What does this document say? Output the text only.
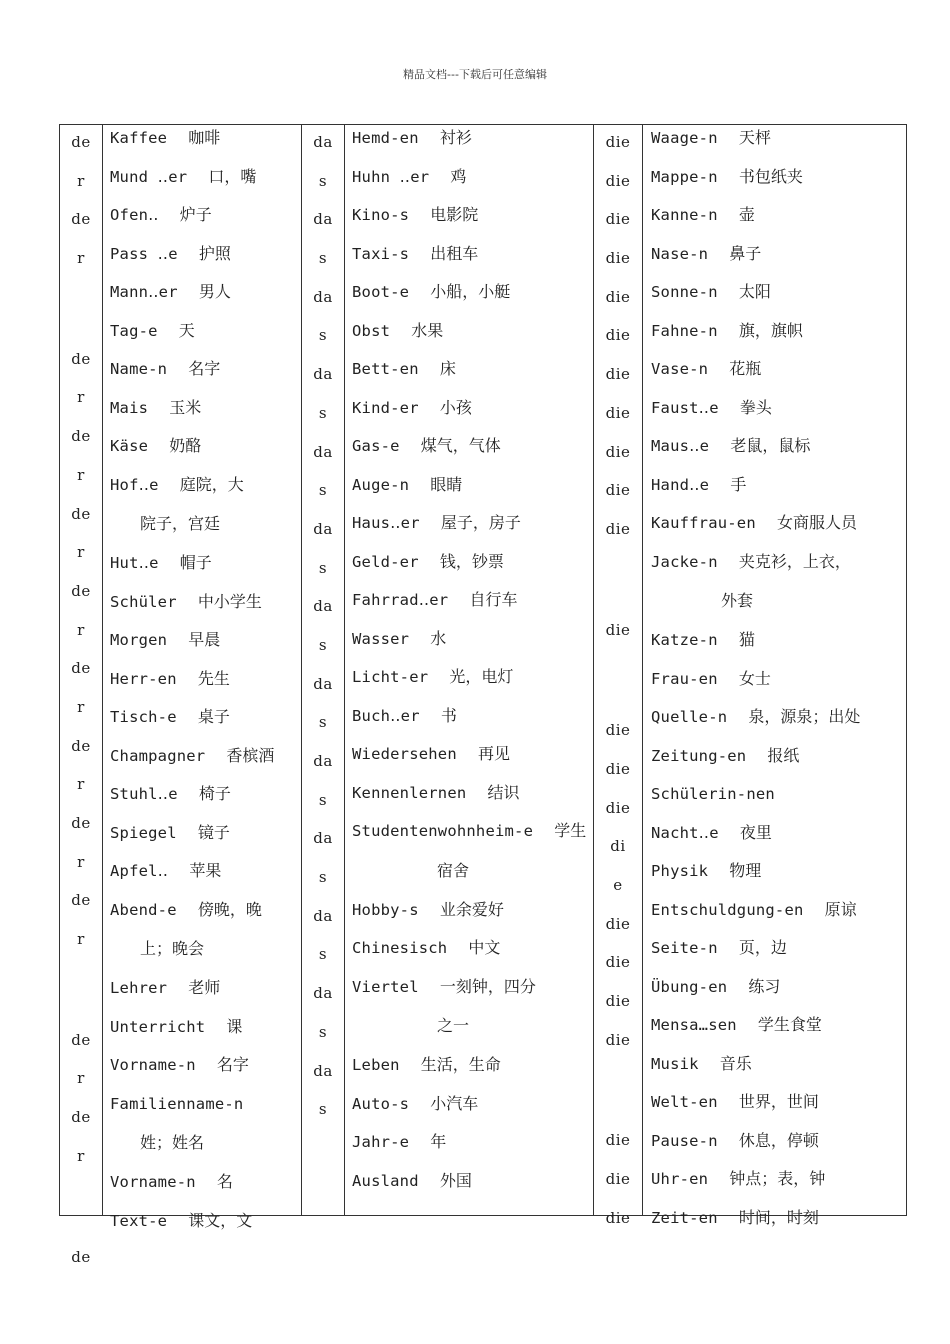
精品文档---下载后可任意编辑
de
r
de
r
de
r
de
r
de
r
de
r
de
r
de
r
de
r
de
r
de
r
de
r
de
Kaffee  咖啡
Mund ‥er  口，嘴
Ofen‥  炉子
Pass ‥e  护照
Mann‥er  男人
Tag-e  天
Name-n  名字
Mais  玉米
Käse  奶酪
Hof‥e  庭院，大
院子，宫廷
Hut‥e  帽子
Schüler  中小学生
Morgen  早晨
Herr-en  先生
Tisch-e  桌子
Champagner  香槟酒
Stuhl‥e  椅子
Spiegel  镜子
Apfel‥  苹果
Abend-e  傍晚，晚
上；晚会
Lehrer  老师
Unterricht  课
Vorname-n  名字
Familienname-n 
姓；姓名
Vorname-n  名
Text-e  课文，文
da
s
da
s
da
s
da
s
da
s
da
s
da
s
da
s
da
s
da
s
da
s
da
s
da
s
Hemd-en  衬衫
Huhn ‥er  鸡
Kino-s  电影院
Taxi-s  出租车
Boot-e  小船，小艇
Obst  水果
Bett-en  床
Kind-er  小孩
Gas-e  煤气，气体
Auge-n  眼睛
Haus‥er  屋子，房子
Geld-er  钱，钞票
Fahrrad‥er  自行车
Wasser  水
Licht-er  光，电灯
Buch‥er  书
Wiedersehen  再见
Kennenlernen  结识
Studentenwohnheim-e  学生
宿舍
Hobby-s  业余爱好
Chinesisch  中文
Viertel  一刻钟，四分
之一
Leben  生活，生命
Auto-s  小汽车
Jahr-e  年
Ausland  外国
die
die
die
die
die
die
die
die
die
die
die
die
die
die
die
di
e
die
die
die
die
die
die
die
Waage-n  天枰
Mappe-n  书包纸夹
Kanne-n  壶
Nase-n  鼻子
Sonne-n  太阳
Fahne-n  旗，旗帜
Vase-n  花瓶
Faust‥e  拳头
Maus‥e  老鼠，鼠标
Hand‥e  手
Kauffrau-en  女商服人员
Jacke-n  夹克衫，上衣，
外套
Katze-n  猫
Frau-en  女士
Quelle-n  泉，源泉；出处
Zeitung-en  报纸
Schülerin-nen 
Nacht‥e  夜里
Physik  物理
Entschuldgung-en  原谅
Seite-n  页，边
Übung-en  练习
Mensa…sen  学生食堂
Musik  音乐
Welt-en  世界，世间
Pause-n  休息，停顿
Uhr-en  钟点；表，钟
Zeit-en  时间，时刻
